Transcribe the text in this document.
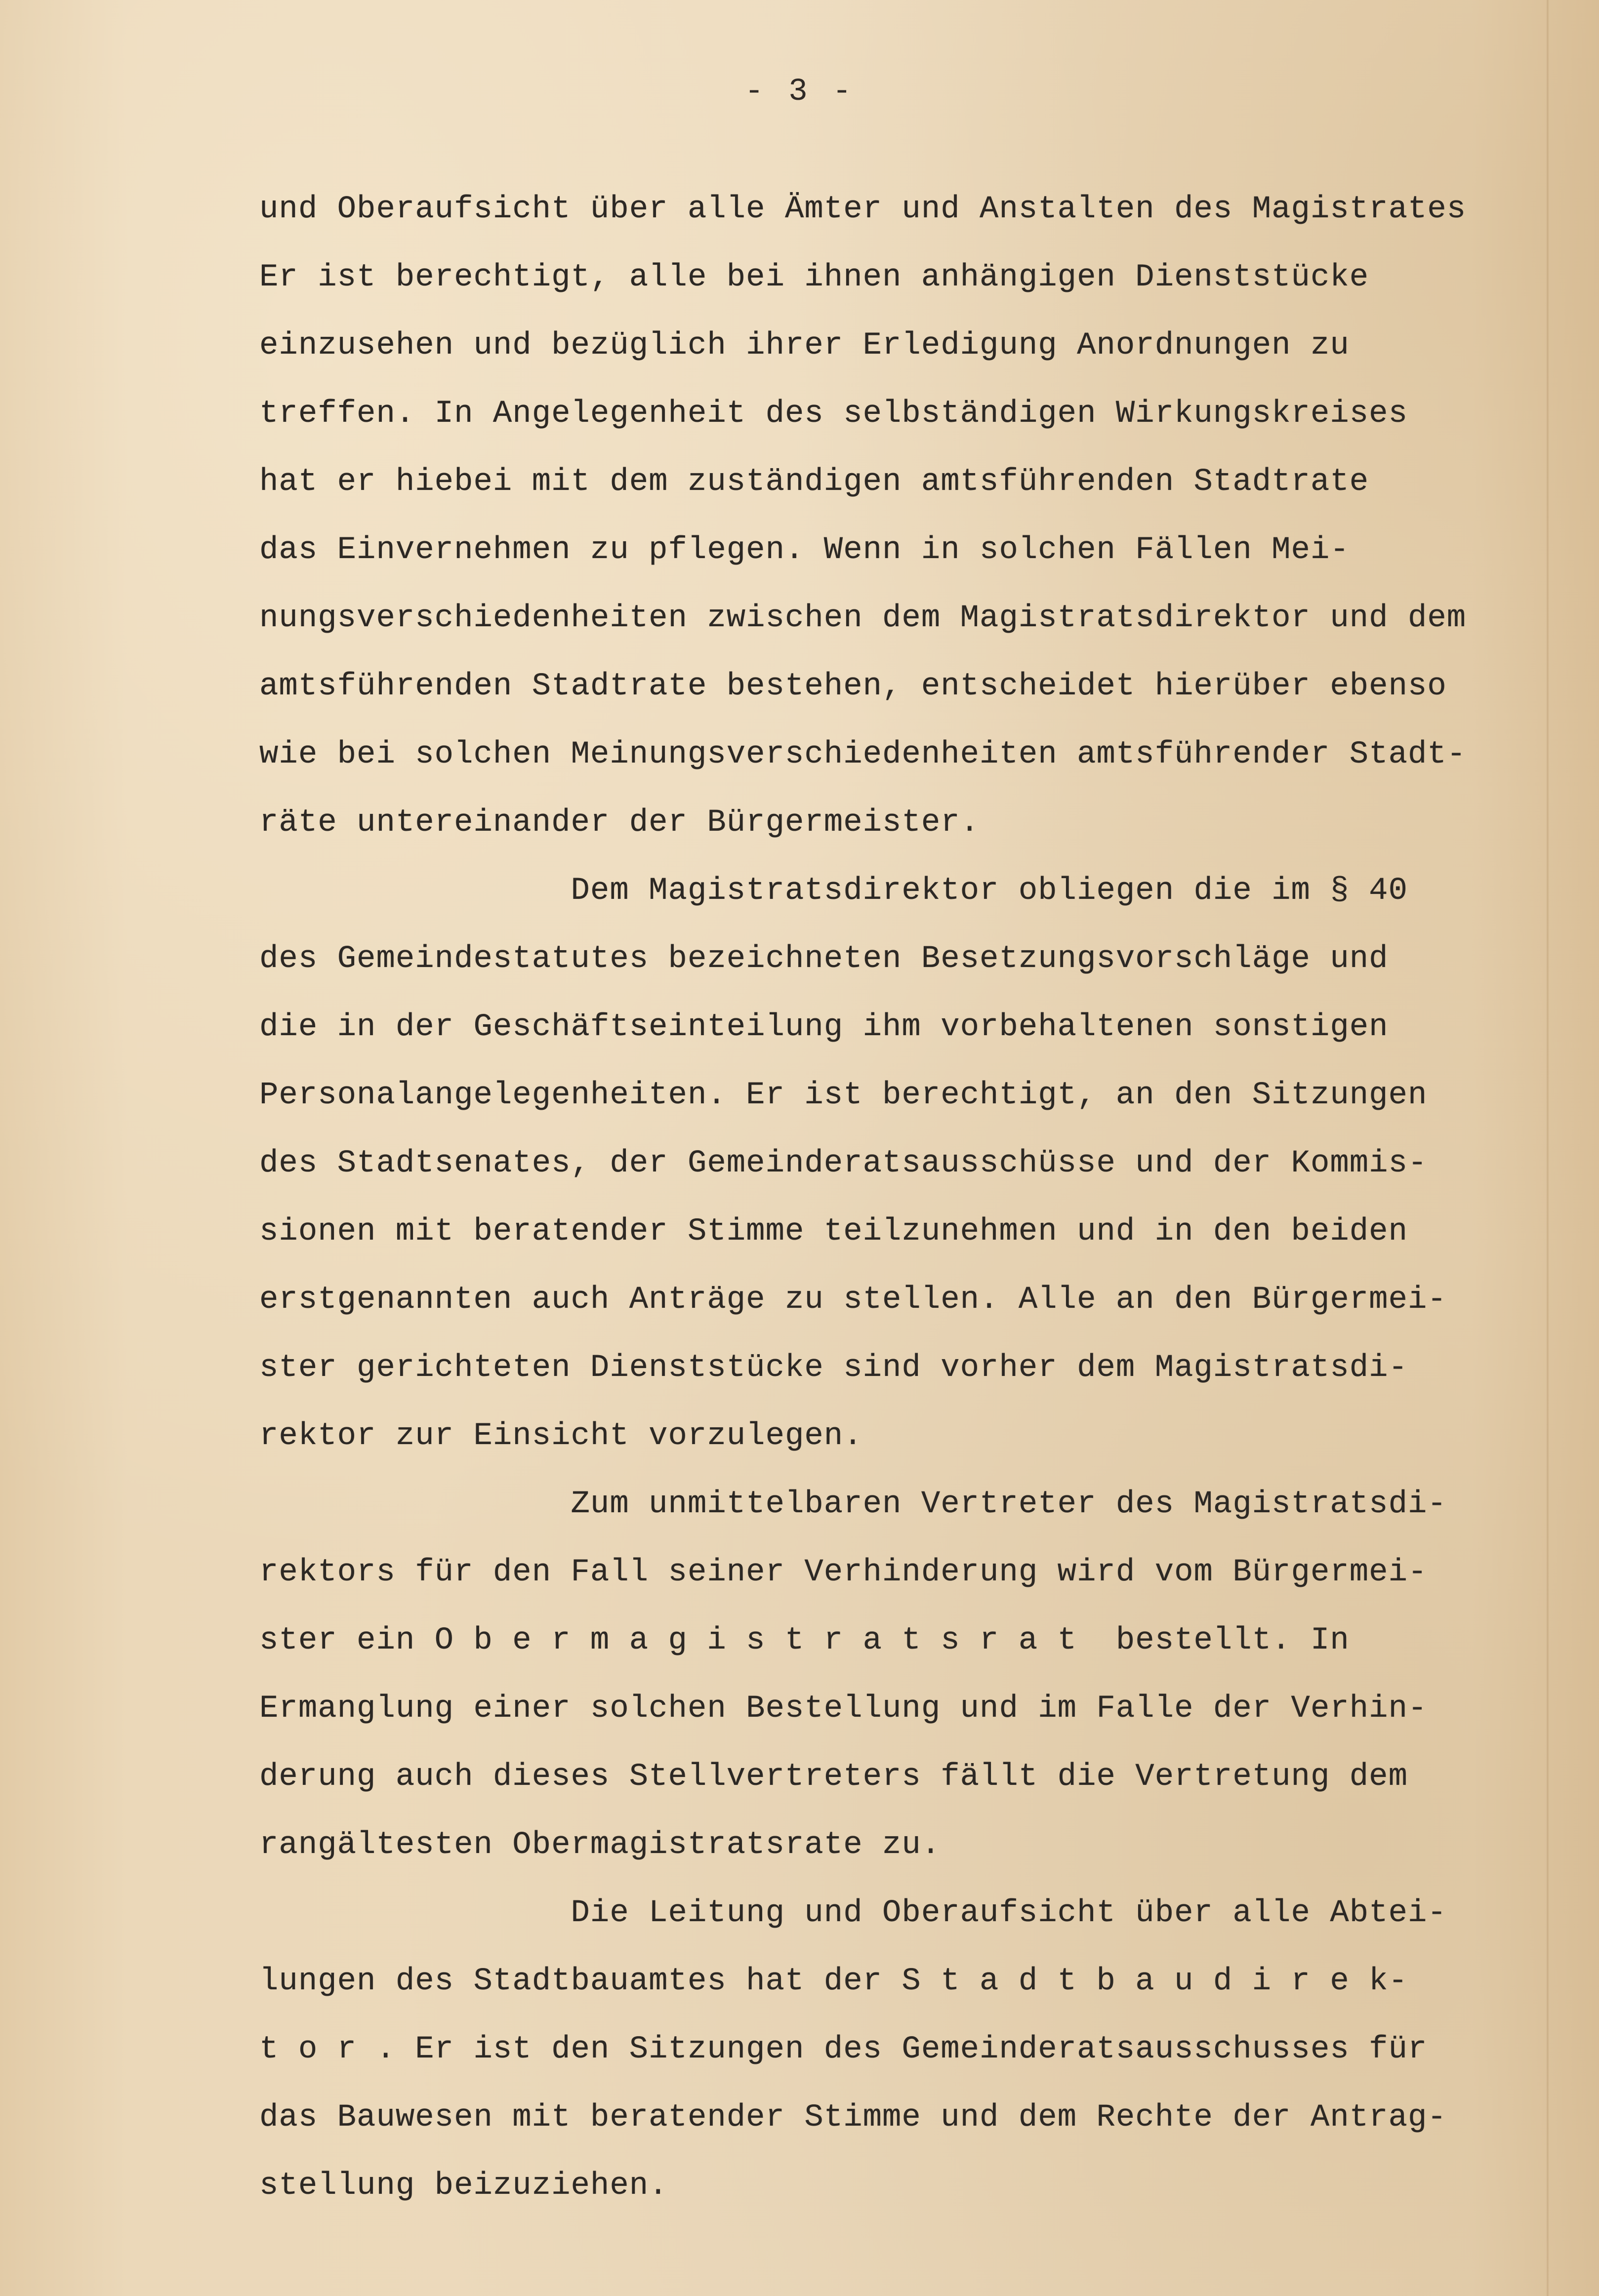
- 3 -
und Oberaufsicht über alle Ämter und Anstalten des Magistrates
Er ist berechtigt, alle bei ihnen anhängigen Dienststücke
einzusehen und bezüglich ihrer Erledigung Anordnungen zu
treffen. In Angelegenheit des selbständigen Wirkungskreises
hat er hiebei mit dem zuständigen amtsführenden Stadtrate
das Einvernehmen zu pflegen. Wenn in solchen Fällen Mei-
nungsverschiedenheiten zwischen dem Magistratsdirektor und dem
amtsführenden Stadtrate bestehen, entscheidet hierüber ebenso
wie bei solchen Meinungsverschiedenheiten amtsführender Stadt-
räte untereinander der Bürgermeister.
Dem Magistratsdirektor obliegen die im § 40
des Gemeindestatutes bezeichneten Besetzungsvorschläge und
die in der Geschäftseinteilung ihm vorbehaltenen sonstigen
Personalangelegenheiten. Er ist berechtigt, an den Sitzungen
des Stadtsenates, der Gemeinderatsausschüsse und der Kommis-
sionen mit beratender Stimme teilzunehmen und in den beiden
erstgenannten auch Anträge zu stellen. Alle an den Bürgermei-
ster gerichteten Dienststücke sind vorher dem Magistratsdi-
rektor zur Einsicht vorzulegen.
Zum unmittelbaren Vertreter des Magistratsdi-
rektors für den Fall seiner Verhinderung wird vom Bürgermei-
ster ein O b e r m a g i s t r a t s r a t  bestellt. In
Ermanglung einer solchen Bestellung und im Falle der Verhin-
derung auch dieses Stellvertreters fällt die Vertretung dem
rangältesten Obermagistratsrate zu.
Die Leitung und Oberaufsicht über alle Abtei-
lungen des Stadtbauamtes hat der S t a d t b a u d i r e k-
t o r . Er ist den Sitzungen des Gemeinderatsausschusses für
das Bauwesen mit beratender Stimme und dem Rechte der Antrag-
stellung beizuziehen.
